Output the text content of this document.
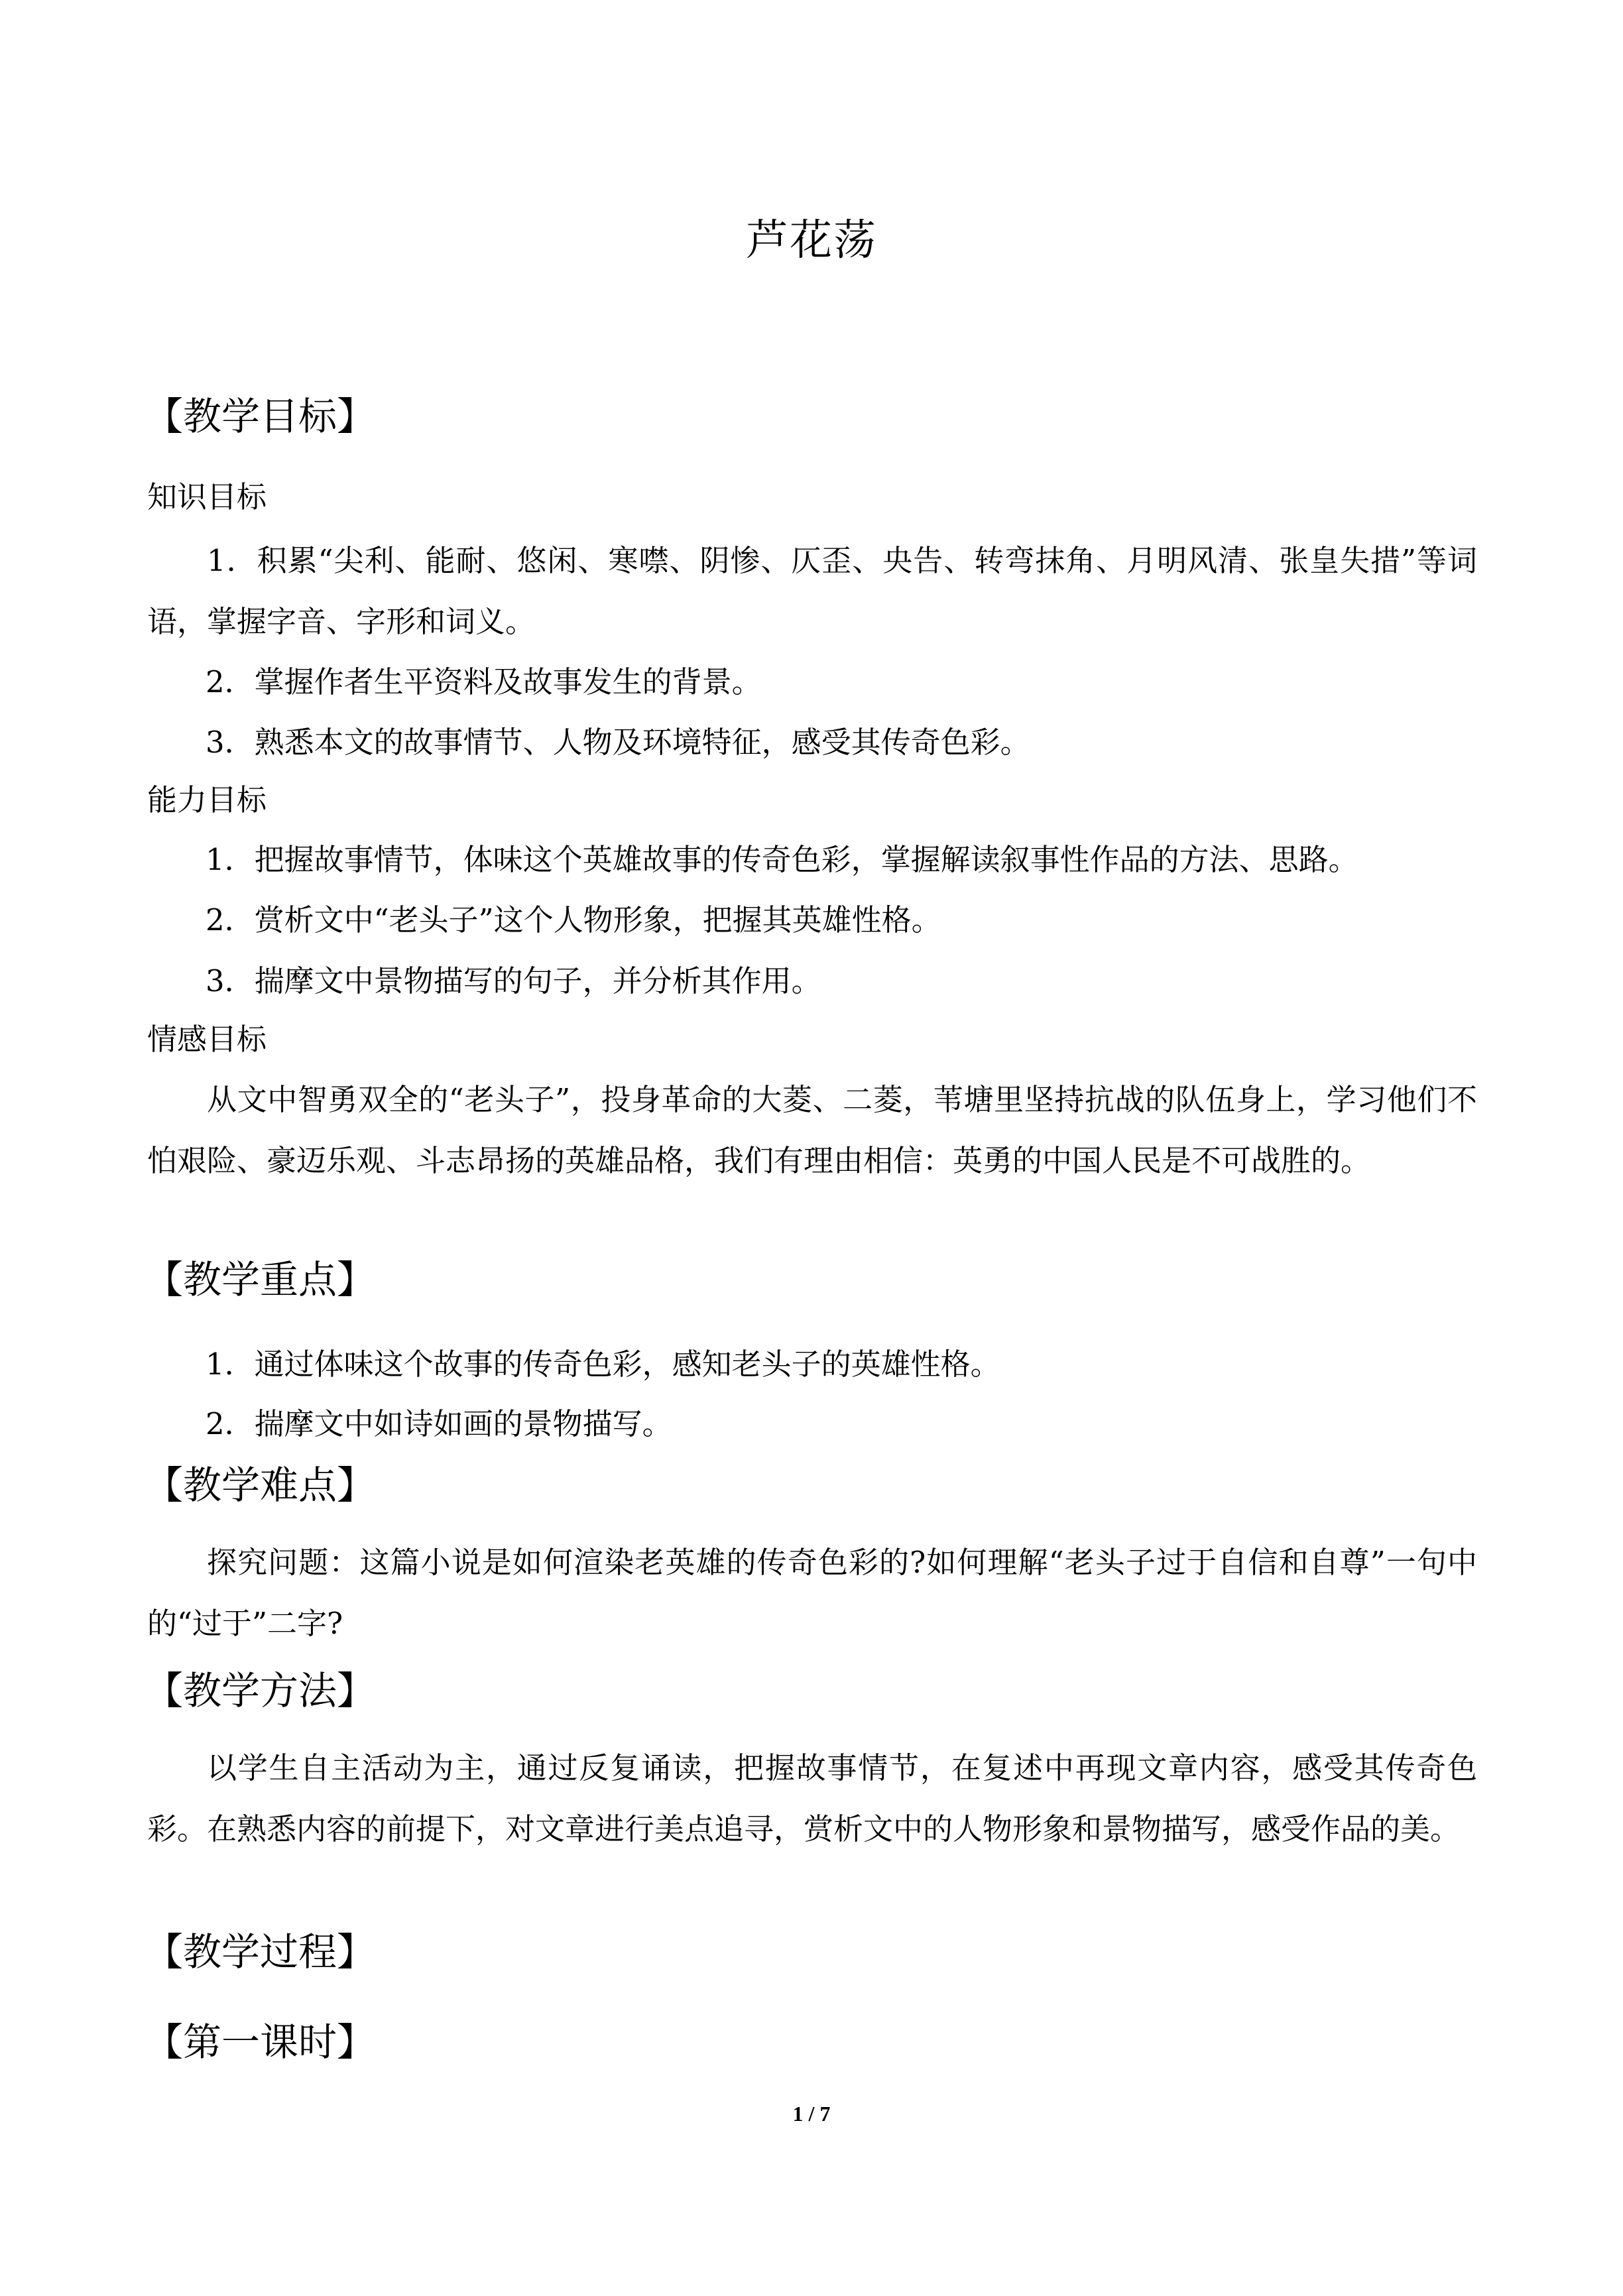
芦花荡
【教学目标】
知识目标
1．积累“尖利、能耐、悠闲、寒噤、阴惨、仄歪、央告、转弯抹角、月明风清、张皇失措”等词语，掌握字音、字形和词义。
2．掌握作者生平资料及故事发生的背景。
3．熟悉本文的故事情节、人物及环境特征，感受其传奇色彩。
能力目标
1．把握故事情节，体味这个英雄故事的传奇色彩，掌握解读叙事性作品的方法、思路。
2．赏析文中“老头子”这个人物形象，把握其英雄性格。
3．揣摩文中景物描写的句子，并分析其作用。
情感目标
从文中智勇双全的“老头子”，投身革命的大菱、二菱，苇塘里坚持抗战的队伍身上，学习他们不怕艰险、豪迈乐观、斗志昂扬的英雄品格，我们有理由相信：英勇的中国人民是不可战胜的。
【教学重点】
1．通过体味这个故事的传奇色彩，感知老头子的英雄性格。
2．揣摩文中如诗如画的景物描写。
【教学难点】
探究问题：这篇小说是如何渲染老英雄的传奇色彩的?如何理解“老头子过于自信和自尊”一句中的“过于”二字?
【教学方法】
以学生自主活动为主，通过反复诵读，把握故事情节，在复述中再现文章内容，感受其传奇色彩。在熟悉内容的前提下，对文章进行美点追寻，赏析文中的人物形象和景物描写，感受作品的美。
【教学过程】
【第一课时】
1 / 7
